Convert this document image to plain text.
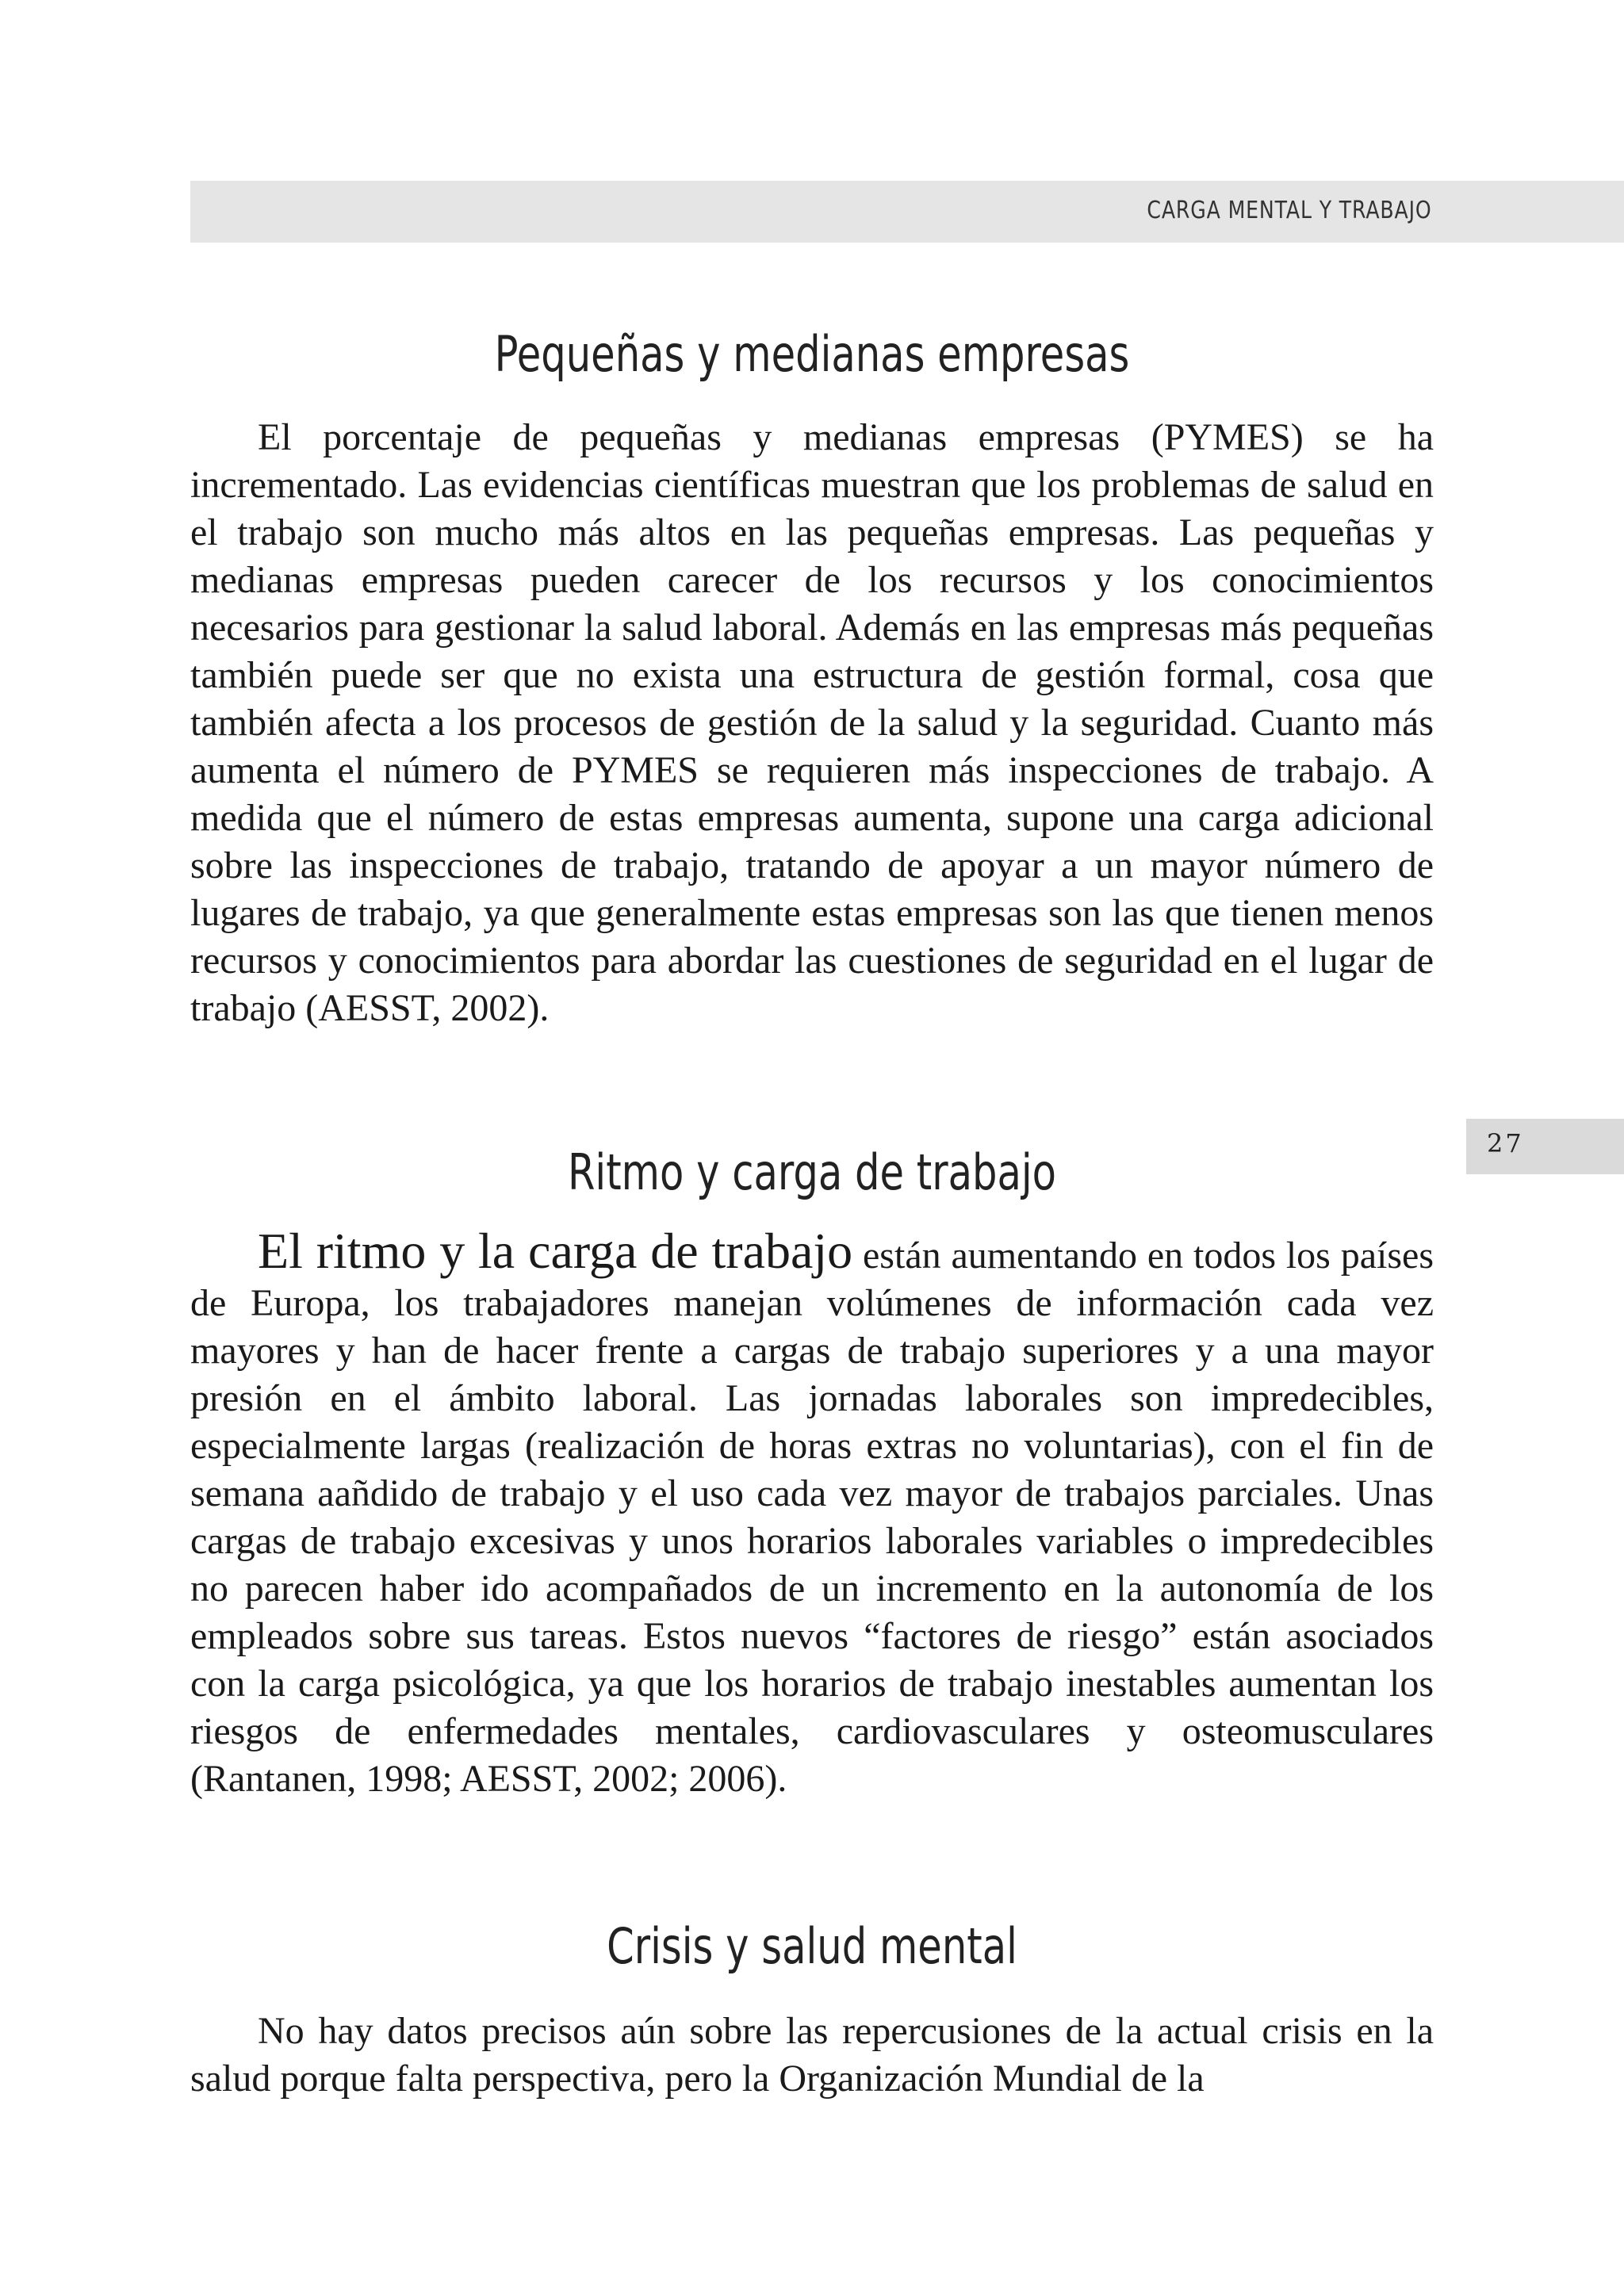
CARGA MENTAL Y TRABAJO
27
Pequeñas y medianas empresas

El porcentaje de pequeñas y medianas empresas (PYMES) se ha incrementado. Las evidencias científicas muestran que los problemas de salud en el trabajo son mucho más altos en las pequeñas empresas. Las pequeñas y medianas empresas pueden carecer de los recursos y los conocimientos necesarios para gestionar la salud laboral. Además en las empresas más pequeñas también puede ser que no exista una estructura de gestión formal, cosa que también afecta a los procesos de gestión de la salud y la seguridad. Cuanto más aumenta el número de PYMES se requieren más inspecciones de trabajo. A medida que el número de estas empresas aumenta, supone una carga adicional sobre las inspecciones de trabajo, tratando de apoyar a un mayor número de lugares de trabajo, ya que generalmente estas empresas son las que tienen menos recursos y conocimientos para abordar las cuestiones de seguridad en el lugar de trabajo (AESST, 2002).

Ritmo y carga de trabajo

El ritmo y la carga de trabajo están aumentando en todos los países de Europa, los trabajadores manejan volúmenes de información cada vez mayores y han de hacer frente a cargas de trabajo superiores y a una mayor presión en el ámbito laboral. Las jornadas laborales son impredecibles, especialmente largas (realización de horas extras no voluntarias), con el fin de semana aañdido de trabajo y el uso cada vez mayor de trabajos parciales. Unas cargas de trabajo excesivas y unos horarios laborales variables o impredecibles no parecen haber ido acompañados de un incremento en la autonomía de los empleados sobre sus tareas. Estos nuevos “factores de riesgo” están asociados con la carga psicológica, ya que los horarios de trabajo inestables aumentan los riesgos de enfermedades mentales, cardiovasculares y osteomusculares (Rantanen, 1998; AESST, 2002; 2006).

Crisis y salud mental

No hay datos precisos aún sobre las repercusiones de la actual crisis en la salud porque falta perspectiva, pero la Organización Mundial de la
